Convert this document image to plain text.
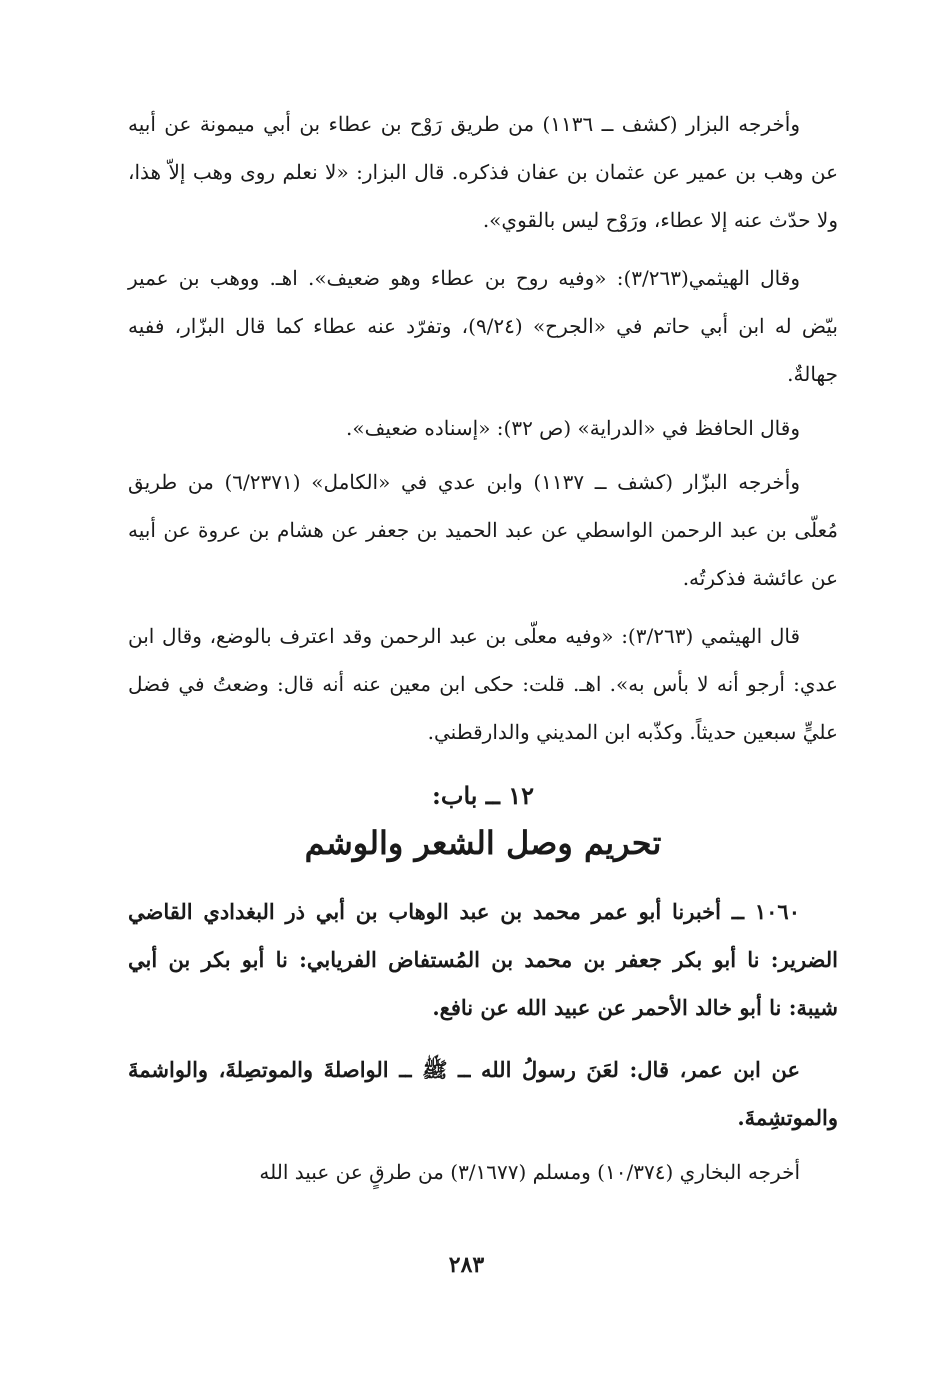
وأخرجه البزار (كشف ــ ١١٣٦) من طريق رَوْح بن عطاء بن أبي ميمونة عن أبيه عن وهب بن عمير عن عثمان بن عفان فذكره. قال البزار: «لا نعلم روى وهب إلاّ هذا، ولا حدّث عنه إلا عطاء، ورَوْح ليس بالقوي».

وقال الهيثمي(٣/٢٦٣): «وفيه روح بن عطاء وهو ضعيف». اهـ. ووهب بن عمير بيّض له ابن أبي حاتم في «الجرح» (٩/٢٤)، وتفرّد عنه عطاء كما قال البزّار، ففيه جهالةٌ.

وقال الحافظ في «الدراية» (ص ٣٢): «إسناده ضعيف».

وأخرجه البزّار (كشف ــ ١١٣٧) وابن عدي في «الكامل» (٦/٢٣٧١) من طريق مُعلّى بن عبد الرحمن الواسطي عن عبد الحميد بن جعفر عن هشام بن عروة عن أبيه عن عائشة فذكرتُه.

قال الهيثمي (٣/٢٦٣): «وفيه معلّى بن عبد الرحمن وقد اعترف بالوضع، وقال ابن عدي: أرجو أنه لا بأس به». اهـ. قلت: حكى ابن معين عنه أنه قال: وضعتُ في فضل عليٍّ سبعين حديثاً. وكذّبه ابن المديني والدارقطني.

١٢ ــ باب:
تحريم وصل الشعر والوشم

١٠٦٠ ــ أخبرنا أبو عمر محمد بن عبد الوهاب بن أبي ذر البغدادي القاضي الضرير: نا أبو بكر جعفر بن محمد بن المُستفاض الفريابي: نا أبو بكر بن أبي شيبة: نا أبو خالد الأحمر عن عبيد الله عن نافع.

عن ابن عمر، قال: لعَنَ رسولُ الله ــ ﷺ ــ الواصلةَ والموتصِلةَ، والواشمةَ والموتشِمةَ.

أخرجه البخاري (١٠/٣٧٤) ومسلم (٣/١٦٧٧) من طرقٍ عن عبيد الله

٢٨٣
